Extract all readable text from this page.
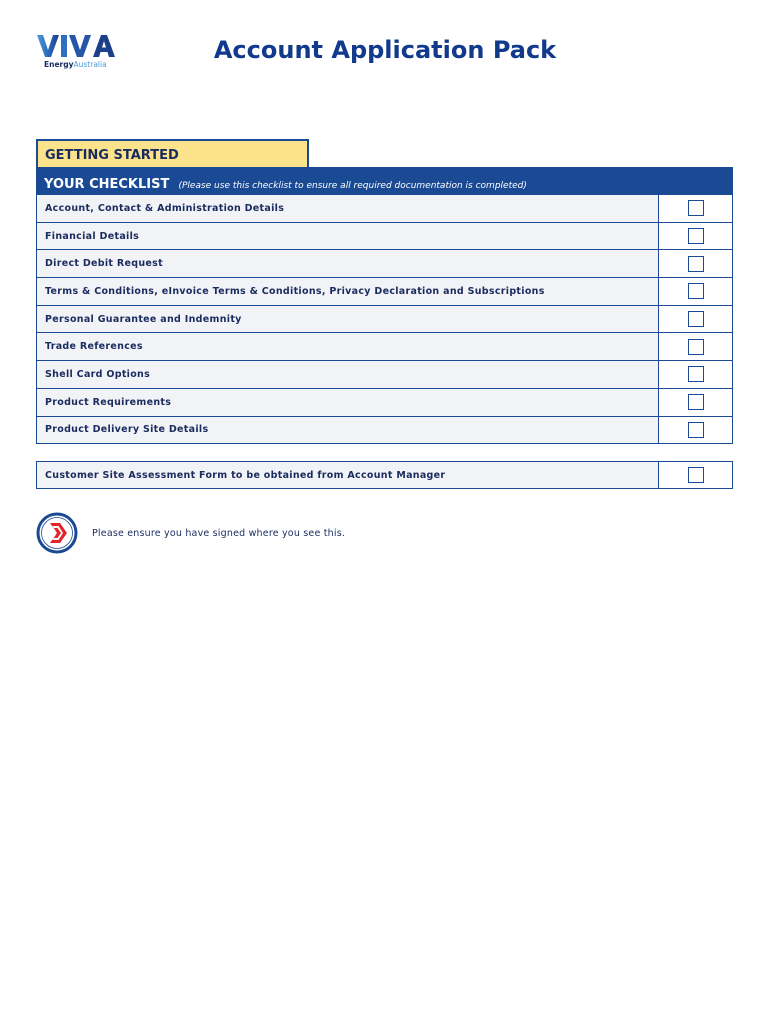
EnergyAustralia
Account Application Pack
GETTING STARTED
YOUR CHECKLIST (Please use this checklist to ensure all required documentation is completed)
Account, Contact & Administration Details
Financial Details
Direct Debit Request
Terms & Conditions, eInvoice Terms & Conditions, Privacy Declaration and Subscriptions
Personal Guarantee and Indemnity
Trade References
Shell Card Options
Product Requirements
Product Delivery Site Details
Customer Site Assessment Form to be obtained from Account Manager
Please ensure you have signed where you see this.
